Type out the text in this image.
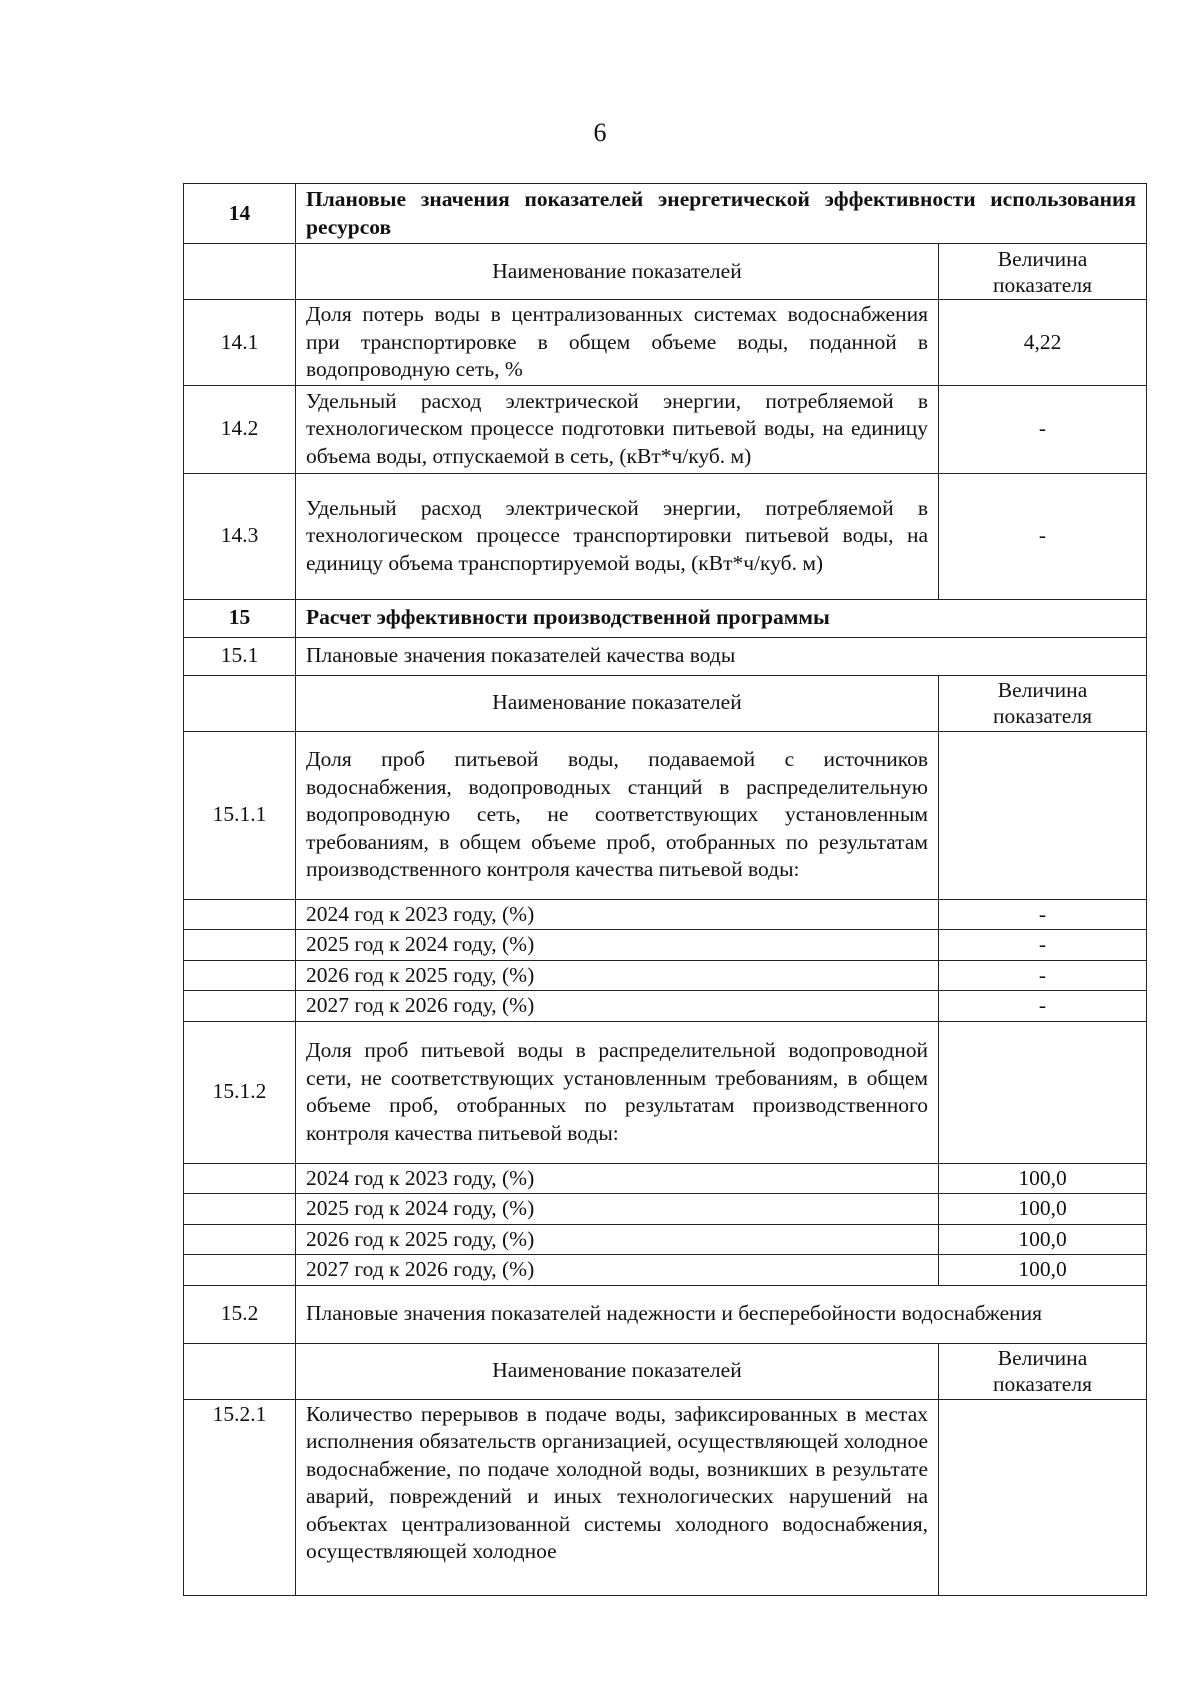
6
14	Плановые значения показателей энергетической эффективности использования ресурсов	
	Наименование показателей	Величина показателя
14.1	Доля потерь воды в централизованных системах водоснабжения при транспортировке в общем объеме воды, поданной в водопроводную сеть, %	4,22
14.2	Удельный расход электрической энергии, потребляемой в технологическом процессе подготовки питьевой воды, на единицу объема воды, отпускаемой в сеть, (кВт*ч/куб. м)	-
14.3	Удельный расход электрической энергии, потребляемой в технологическом процессе транспортировки питьевой воды, на единицу объема транспортируемой воды, (кВт*ч/куб. м)	-
15	Расчет эффективности производственной программы	
15.1	Плановые значения показателей качества воды	
	Наименование показателей	Величина показателя
15.1.1	Доля проб питьевой воды, подаваемой с источников водоснабжения, водопроводных станций в распределительную водопроводную сеть, не соответствующих установленным требованиям, в общем объеме проб, отобранных по результатам производственного контроля качества питьевой воды:	
	2024 год к 2023 году, (%)	-
	2025 год к 2024 году, (%)	-
	2026 год к 2025 году, (%)	-
	2027 год к 2026 году, (%)	-
15.1.2	Доля проб питьевой воды в распределительной водопроводной сети, не соответствующих установленным требованиям, в общем объеме проб, отобранных по результатам производственного контроля качества питьевой воды:	
	2024 год к 2023 году, (%)	100,0
	2025 год к 2024 году, (%)	100,0
	2026 год к 2025 году, (%)	100,0
	2027 год к 2026 году, (%)	100,0
15.2	Плановые значения показателей надежности и бесперебойности водоснабжения	
	Наименование показателей	Величина показателя
15.2.1	Количество перерывов в подаче воды, зафиксированных в местах исполнения обязательств организацией, осуществляющей холодное водоснабжение, по подаче холодной воды, возникших в результате аварий, повреждений и иных технологических нарушений на объектах централизованной системы холодного водоснабжения, осуществляющей холодное	
